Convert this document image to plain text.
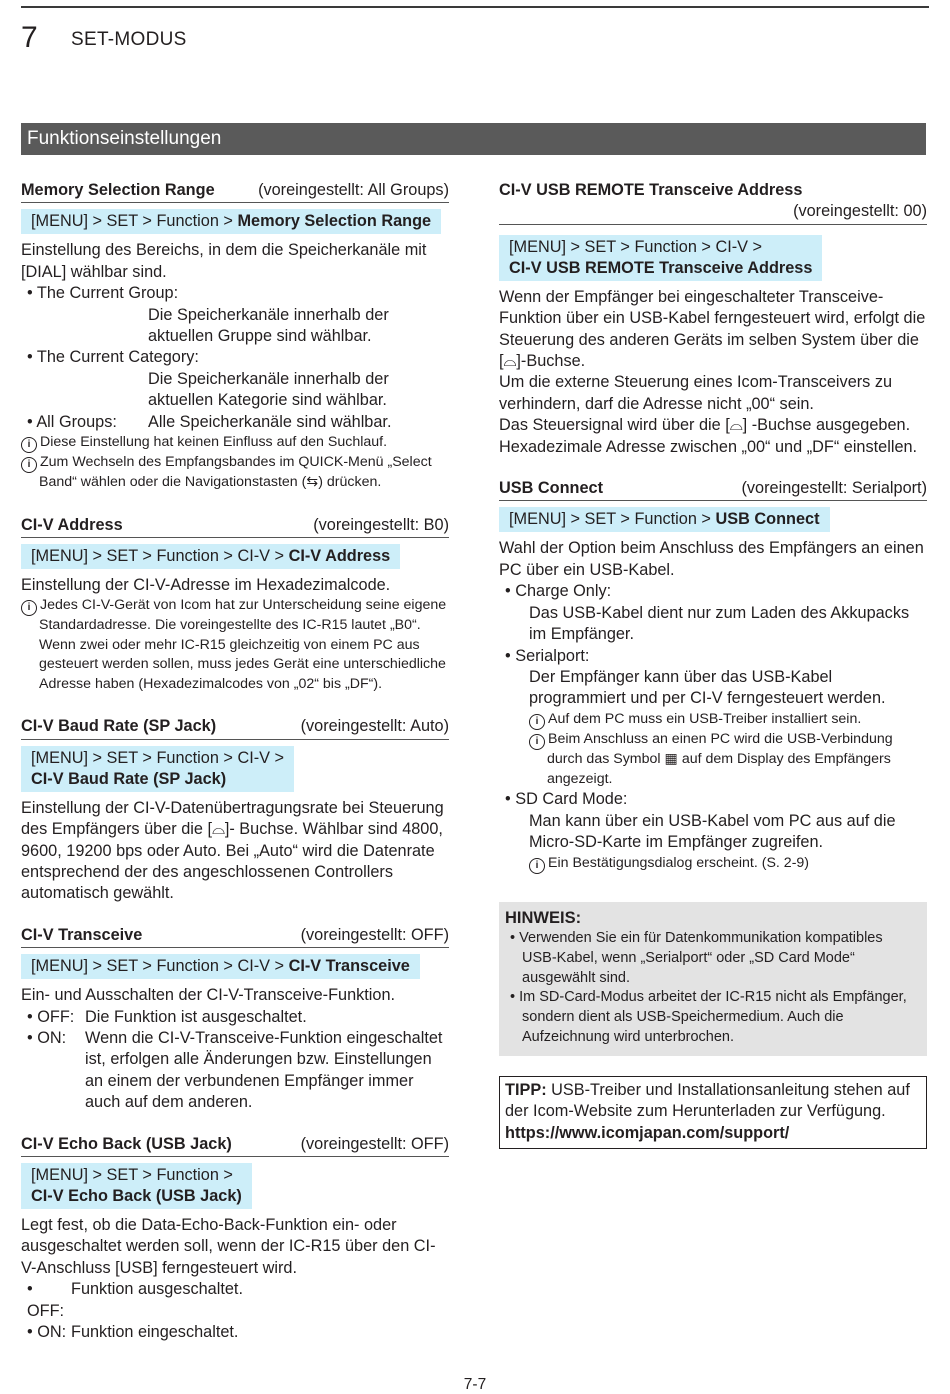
7 SET-MODUS
Funktionseinstellungen
Memory Selection Range	(voreingestellt: All Groups)
[MENU] > SET > Function > Memory Selection Range

Einstellung des Bereichs, in dem die Speicherkanäle mit [DIAL] wählbar sind.

• The Current Group:
Die Speicherkanäle innerhalb der
aktuellen Gruppe sind wählbar.
• The Current Category:
Die Speicherkanäle innerhalb der
aktuellen Kategorie sind wählbar.
• All Groups: Alle Speicherkanäle sind wählbar.
i Diese Einstellung hat keinen Einfluss auf den Suchlauf.
i Zum Wechseln des Empfangsbandes im QUICK-Menü „Select Band“ wählen oder die Navigationstasten (⇆) drücken.
CI-V Address	(voreingestellt: B0)
[MENU] > SET > Function > CI-V > CI-V Address

Einstellung der CI-V-Adresse im Hexadezimalcode.

i Jedes CI-V-Gerät von Icom hat zur Unterscheidung seine eigene Standardadresse. Die voreingestellte des IC-R15 lautet „B0“. Wenn zwei oder mehr IC-R15 gleichzeitig von einem PC aus gesteuert werden sollen, muss jedes Gerät eine unterschiedliche Adresse haben (Hexadezimalcodes von „02“ bis „DF“).
CI-V Baud Rate (SP Jack)	(voreingestellt: Auto)
[MENU] > SET > Function > CI-V >
CI-V Baud Rate (SP Jack)

Einstellung der CI-V-Datenübertragungsrate bei Steuerung des Empfängers über die [⌓]- Buchse. Wählbar sind 4800, 9600, 19200 bps oder Auto. Bei „Auto“ wird die Datenrate entsprechend der des angeschlossenen Controllers automatisch gewählt.

CI-V Transceive	(voreingestellt: OFF)
[MENU] > SET > Function > CI-V > CI-V Transceive

Ein- und Ausschalten der CI-V-Transceive-Funktion.

• OFF: Die Funktion ist ausgeschaltet.
• ON:	Wenn die CI-V-Transceive-Funktion eingeschaltet ist, erfolgen alle Änderungen bzw. Einstellungen an einem der verbundenen Empfänger immer auch auf dem anderen.
CI-V Echo Back (USB Jack)	(voreingestellt: OFF)
[MENU] > SET > Function >
CI-V Echo Back (USB Jack)

Legt fest, ob die Data-Echo-Back-Funktion ein- oder ausgeschaltet werden soll, wenn der IC-R15 über den CI-V-Anschluss [USB] ferngesteuert wird.

• OFF:
Funktion ausgeschaltet.
• ON: Funktion eingeschaltet.
CI-V USB REMOTE Transceive Address
(voreingestellt: 00)
[MENU] > SET > Function > CI-V >
CI-V USB REMOTE Transceive Address

Wenn der Empfänger bei eingeschalteter Transceive-Funktion über ein USB-Kabel ferngesteuert wird, erfolgt die Steuerung des anderen Geräts im selben System über die [⌓]-Buchse.

Um die externe Steuerung eines Icom-Transceivers zu verhindern, darf die Adresse nicht „00“ sein.

Das Steuersignal wird über die [⌓] -Buchse ausgegeben. Hexadezimale Adresse zwischen „00“ und „DF“ einstellen.

USB Connect	(voreingestellt: Serialport)
[MENU] > SET > Function > USB Connect

Wahl der Option beim Anschluss des Empfängers an einen PC über ein USB-Kabel.

• Charge Only:
Das USB-Kabel dient nur zum Laden des Akkupacks im Empfänger.
• Serialport:
Der Empfänger kann über das USB-Kabel programmiert und per CI-V ferngesteuert werden.
i Auf dem PC muss ein USB-Treiber installiert sein.
i Beim Anschluss an einen PC wird die USB-Verbindung durch das Symbol ▦ auf dem Display des Empfängers angezeigt.
• SD Card Mode:
Man kann über ein USB-Kabel vom PC aus auf die Micro-SD-Karte im Empfänger zugreifen.
i Ein Bestätigungsdialog erscheint. (S. 2-9)
HINWEIS:
• Verwenden Sie ein für Datenkommunikation kompatibles USB-Kabel, wenn „Serialport“ oder „SD Card Mode“ ausgewählt sind.
• Im SD-Card-Modus arbeitet der IC-R15 nicht als Empfänger, sondern dient als USB-Speichermedium. Auch die Aufzeichnung wird unterbrochen.
TIPP: USB-Treiber und Installationsanleitung stehen auf der Icom-Website zum Herunterladen zur Verfügung.
https://www.icomjapan.com/support/
7-7
